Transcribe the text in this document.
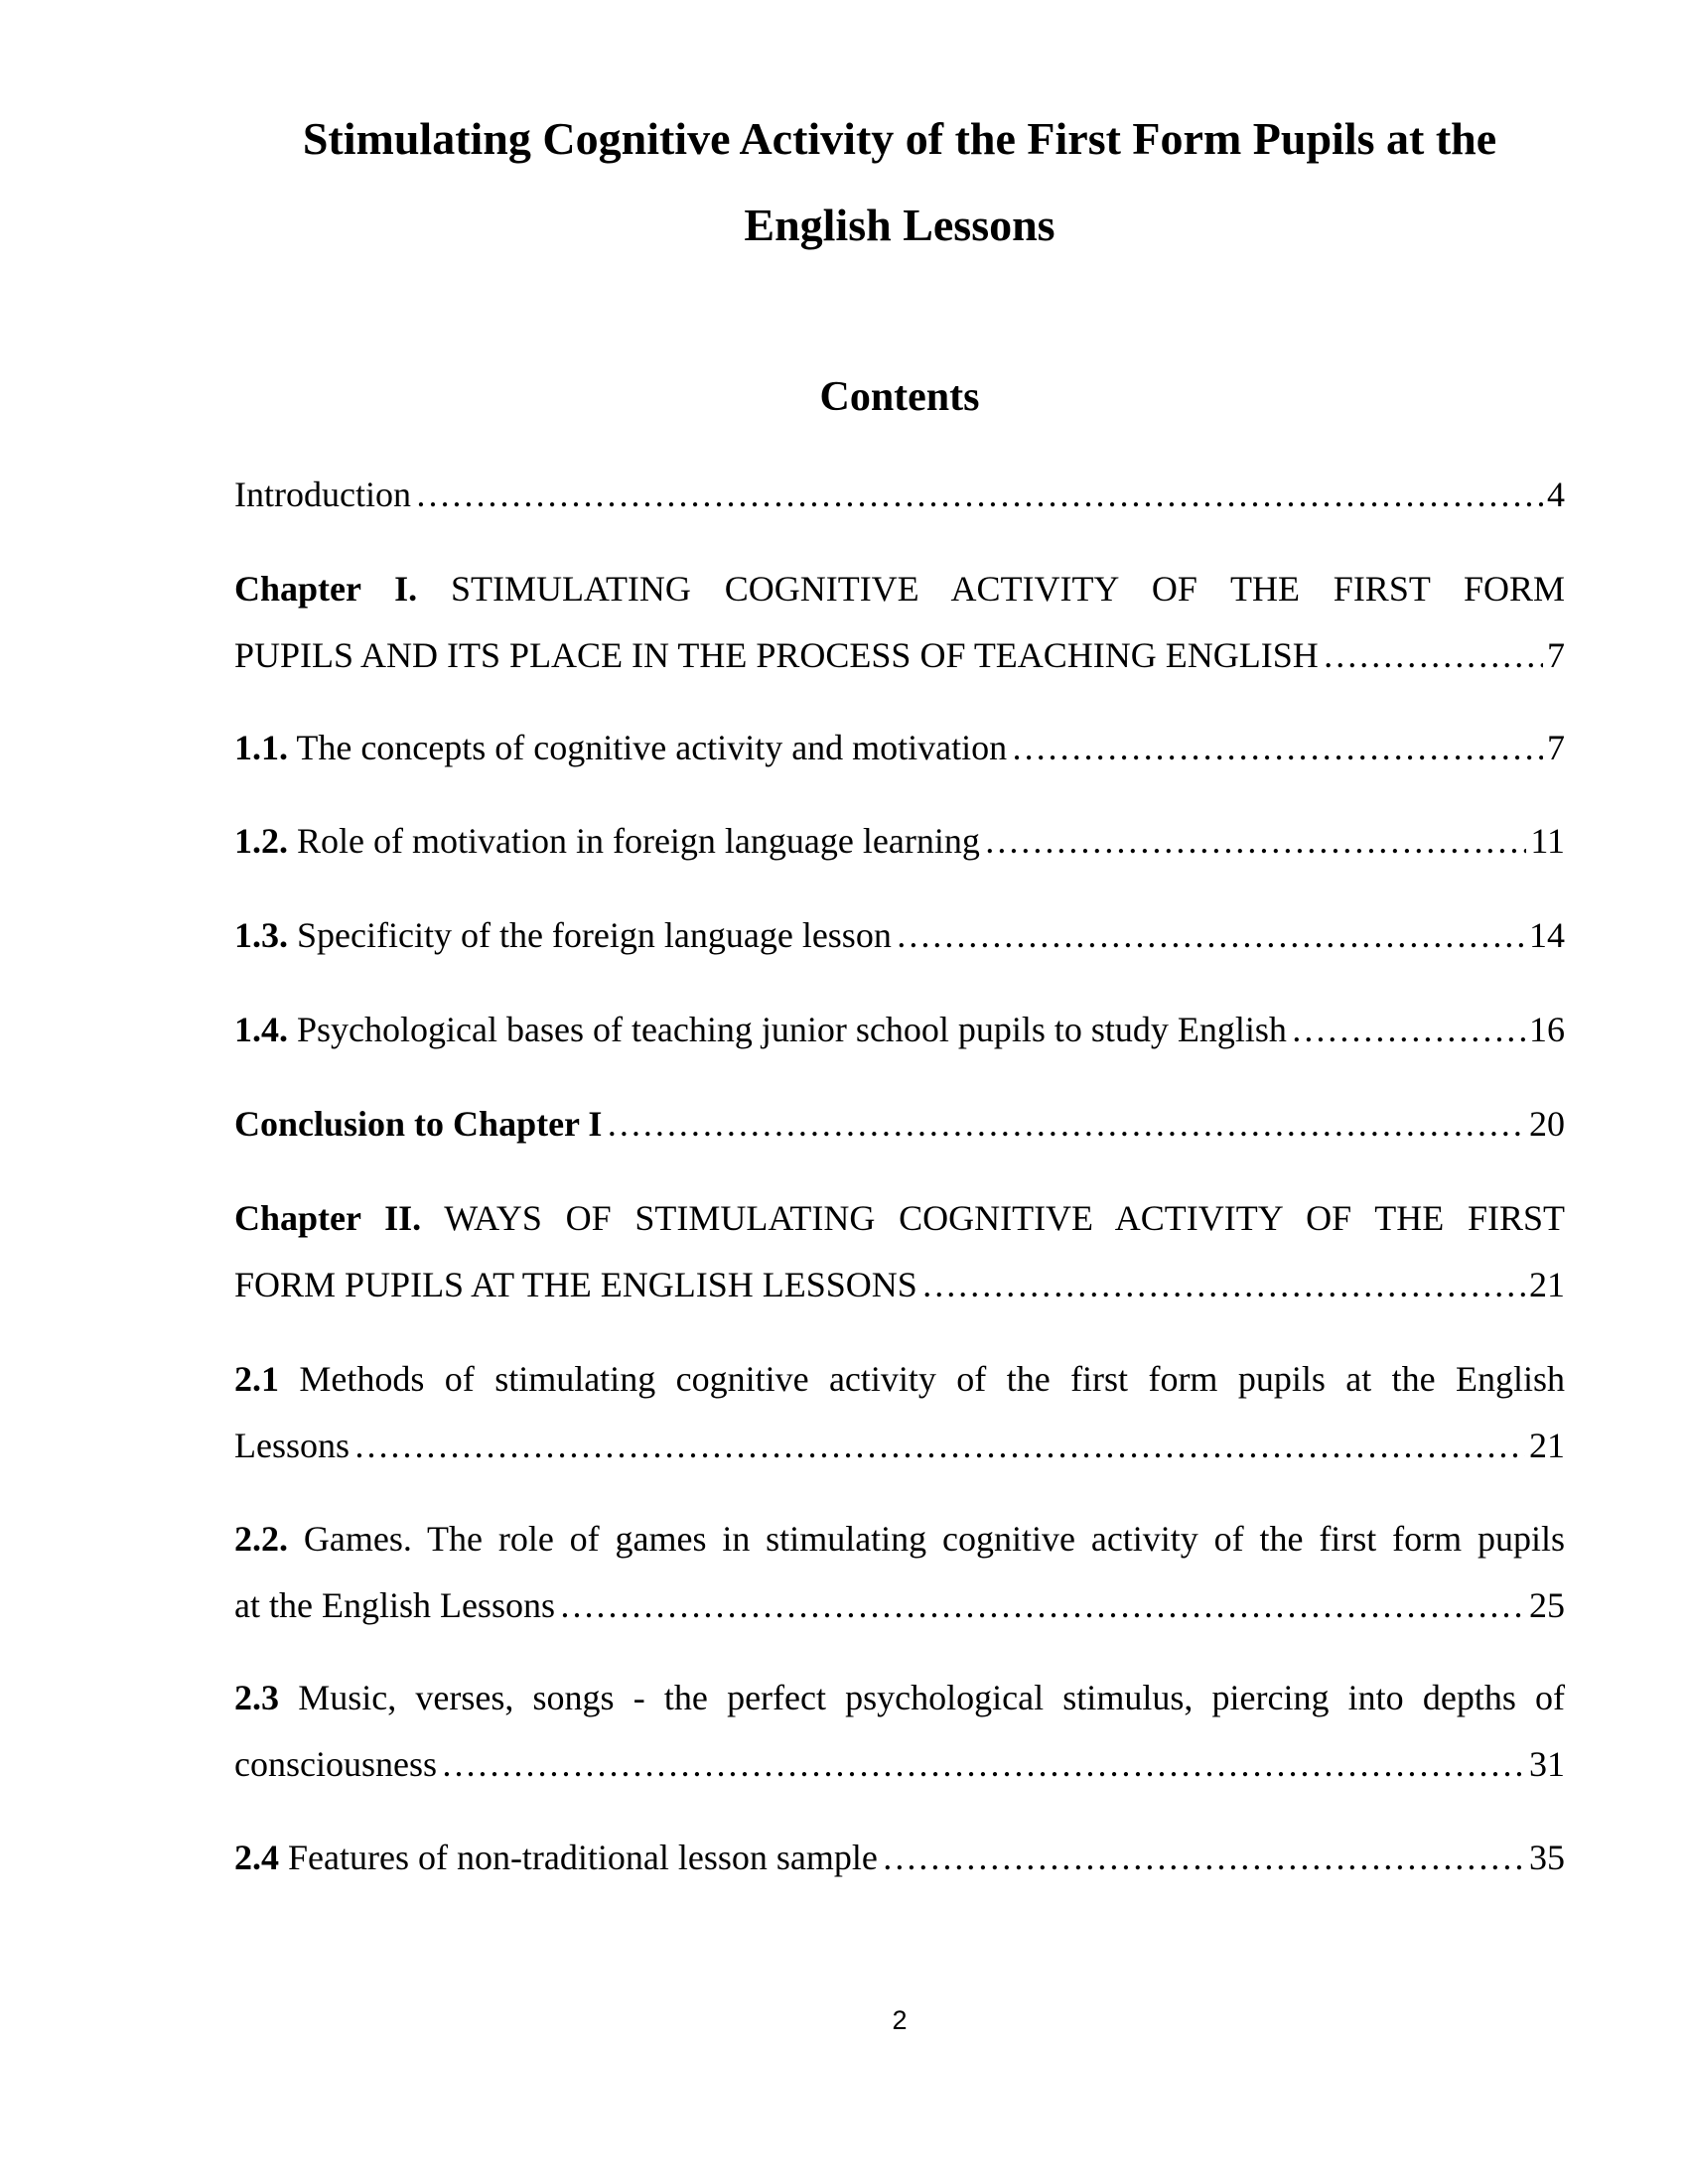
Stimulating Cognitive Activity of the First Form Pupils at the
English Lessons
Contents
Introduction …………………………………………………………………………………………………………………………………………………………………………………………	4
Chapter I. STIMULATING COGNITIVE ACTIVITY OF THE FIRST FORM
PUPILS AND ITS PLACE IN THE PROCESS OF TEACHING ENGLISH …………………………………………………………………………………………………………………………………………………………………………………………	7
1.1. The concepts of cognitive activity and motivation …………………………………………………………………………………………………………………………………………………………………………………………	7
1.2. Role of motivation in foreign language learning …………………………………………………………………………………………………………………………………………………………………………………………	11
1.3. Specificity of the foreign language lesson …………………………………………………………………………………………………………………………………………………………………………………………	14
1.4. Psychological bases of teaching junior school pupils to study English …………………………………………………………………………………………………………………………………………………………………………………………	16
Conclusion to Chapter I …………………………………………………………………………………………………………………………………………………………………………………………	20
Chapter II. WAYS OF STIMULATING COGNITIVE ACTIVITY OF THE FIRST
FORM PUPILS AT THE ENGLISH LESSONS …………………………………………………………………………………………………………………………………………………………………………………………	21
2.1 Methods of stimulating cognitive activity of the first form pupils at the English
Lessons …………………………………………………………………………………………………………………………………………………………………………………………	21
2.2. Games. The role of games in stimulating cognitive activity of the first form pupils
at the English Lessons …………………………………………………………………………………………………………………………………………………………………………………………	25
2.3 Music, verses, songs - the perfect psychological stimulus, piercing into depths of
consciousness …………………………………………………………………………………………………………………………………………………………………………………………	31
2.4 Features of non-traditional lesson sample …………………………………………………………………………………………………………………………………………………………………………………………	35
2
